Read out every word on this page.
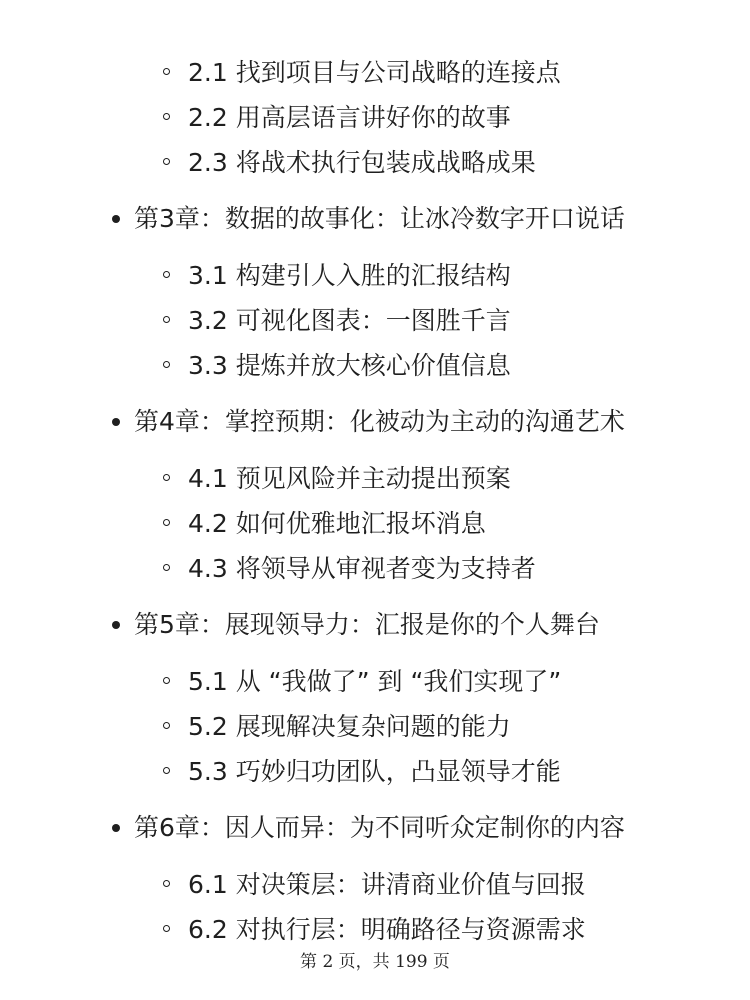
2.1 找到项目与公司战略的连接点
2.2 用高层语言讲好你的故事
2.3 将战术执行包装成战略成果

第3章：数据的故事化：让冰冷数字开口说话

3.1 构建引人入胜的汇报结构
3.2 可视化图表：一图胜千言
3.3 提炼并放大核心价值信息

第4章：掌控预期：化被动为主动的沟通艺术

4.1 预见风险并主动提出预案
4.2 如何优雅地汇报坏消息
4.3 将领导从审视者变为支持者

第5章：展现领导力：汇报是你的个人舞台

5.1 从 “我做了” 到 “我们实现了”
5.2 展现解决复杂问题的能力
5.3 巧妙归功团队，凸显领导才能

第6章：因人而异：为不同听众定制你的内容

6.1 对决策层：讲清商业价值与回报
6.2 对执行层：明确路径与资源需求
第 2 页，共 199 页
